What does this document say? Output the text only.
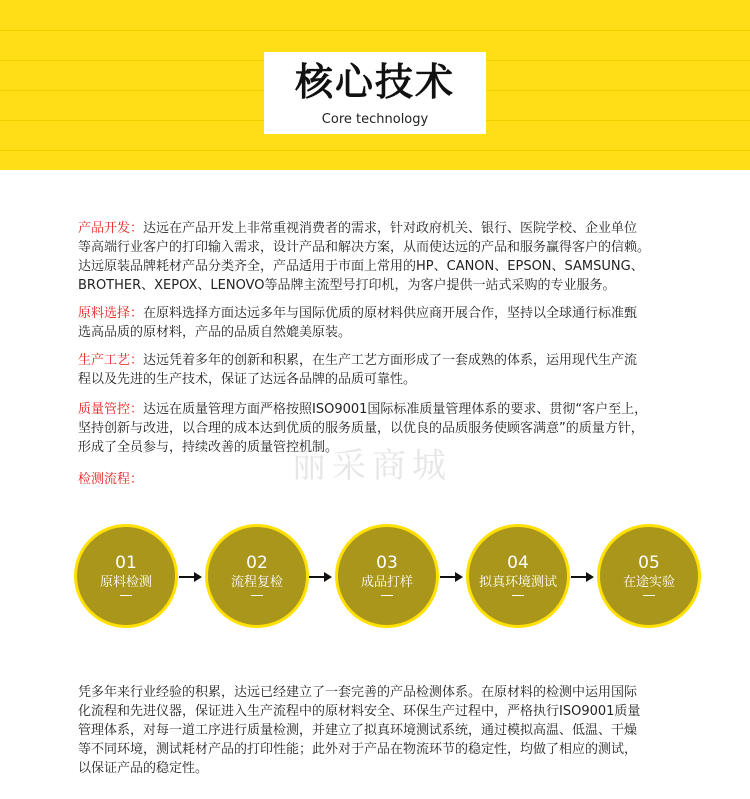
核心技术
Core technology
丽采商城
产品开发：达远在产品开发上非常重视消费者的需求，针对政府机关、银行、医院学校、企业单位
等高端行业客户的打印输入需求，设计产品和解决方案，从而使达远的产品和服务赢得客户的信赖。
达远原装品牌耗材产品分类齐全，产品适用于市面上常用的HP、CANON、EPSON、SAMSUNG、
BROTHER、XEPOX、LENOVO等品牌主流型号打印机，为客户提供一站式采购的专业服务。
原料选择：在原料选择方面达远多年与国际优质的原材料供应商开展合作，坚持以全球通行标准甄
选高品质的原材料，产品的品质自然媲美原装。
生产工艺：达远凭着多年的创新和积累，在生产工艺方面形成了一套成熟的体系，运用现代生产流
程以及先进的生产技术，保证了达远各品牌的品质可靠性。
质量管控：达远在质量管理方面严格按照ISO9001国际标准质量管理体系的要求、贯彻“客户至上，
坚持创新与改进，以合理的成本达到优质的服务质量，以优良的品质服务使顾客满意”的质量方针，
形成了全员参与，持续改善的质量管控机制。
检测流程：
01
原料检测
02
流程复检
03
成品打样
04
拟真环境测试
05
在途实验
凭多年来行业经验的积累，达远已经建立了一套完善的产品检测体系。在原材料的检测中运用国际
化流程和先进仪器，保证进入生产流程中的原材料安全、环保生产过程中，严格执行ISO9001质量
管理体系，对每一道工序进行质量检测，并建立了拟真环境测试系统，通过模拟高温、低温、干燥
等不同环境，测试耗材产品的打印性能；此外对于产品在物流环节的稳定性，均做了相应的测试，
以保证产品的稳定性。
